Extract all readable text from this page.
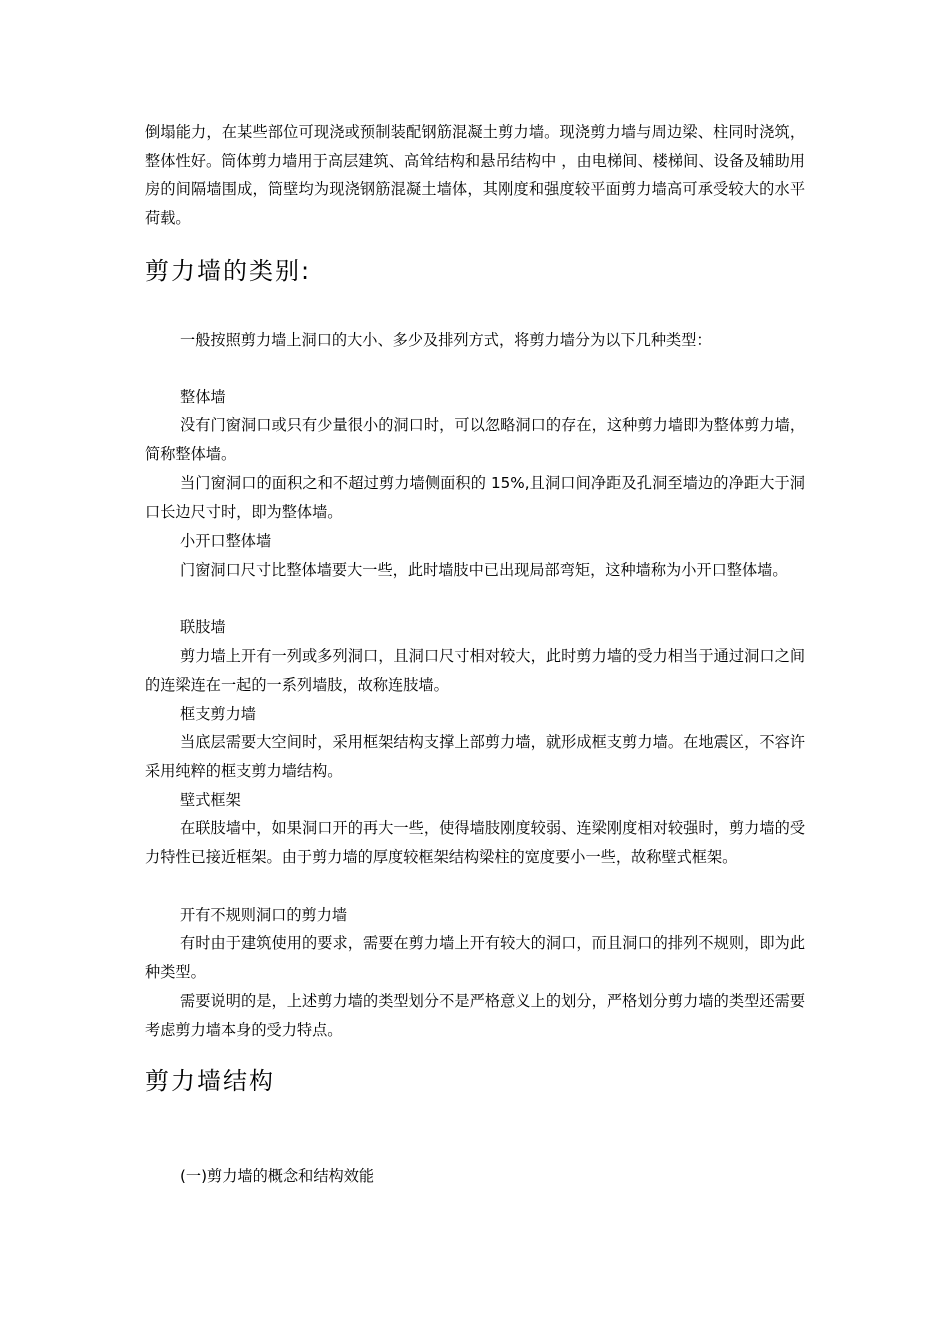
倒塌能力，在某些部位可现浇或预制装配钢筋混凝土剪力墙。现浇剪力墙与周边梁、柱同时浇筑，整体性好。筒体剪力墙用于高层建筑、高耸结构和悬吊结构中 ，由电梯间、楼梯间、设备及辅助用房的间隔墙围成，筒壁均为现浇钢筋混凝土墙体，其刚度和强度较平面剪力墙高可承受较大的水平荷载。

剪力墙的类别:

一般按照剪力墙上洞口的大小、多少及排列方式，将剪力墙分为以下几种类型：

整体墙

没有门窗洞口或只有少量很小的洞口时，可以忽略洞口的存在，这种剪力墙即为整体剪力墙，简称整体墙。

当门窗洞口的面积之和不超过剪力墙侧面积的 15%,且洞口间净距及孔洞至墙边的净距大于洞口长边尺寸时，即为整体墙。

小开口整体墙

门窗洞口尺寸比整体墙要大一些，此时墙肢中已出现局部弯矩，这种墙称为小开口整体墙。

联肢墙

剪力墙上开有一列或多列洞口，且洞口尺寸相对较大，此时剪力墙的受力相当于通过洞口之间的连梁连在一起的一系列墙肢，故称连肢墙。

框支剪力墙

当底层需要大空间时，采用框架结构支撑上部剪力墙，就形成框支剪力墙。在地震区，不容许采用纯粹的框支剪力墙结构。

壁式框架

在联肢墙中，如果洞口开的再大一些，使得墙肢刚度较弱、连梁刚度相对较强时，剪力墙的受力特性已接近框架。由于剪力墙的厚度较框架结构梁柱的宽度要小一些，故称壁式框架。

开有不规则洞口的剪力墙

有时由于建筑使用的要求，需要在剪力墙上开有较大的洞口，而且洞口的排列不规则，即为此种类型。

需要说明的是，上述剪力墙的类型划分不是严格意义上的划分，严格划分剪力墙的类型还需要考虑剪力墙本身的受力特点。

剪力墙结构

(一)剪力墙的概念和结构效能
